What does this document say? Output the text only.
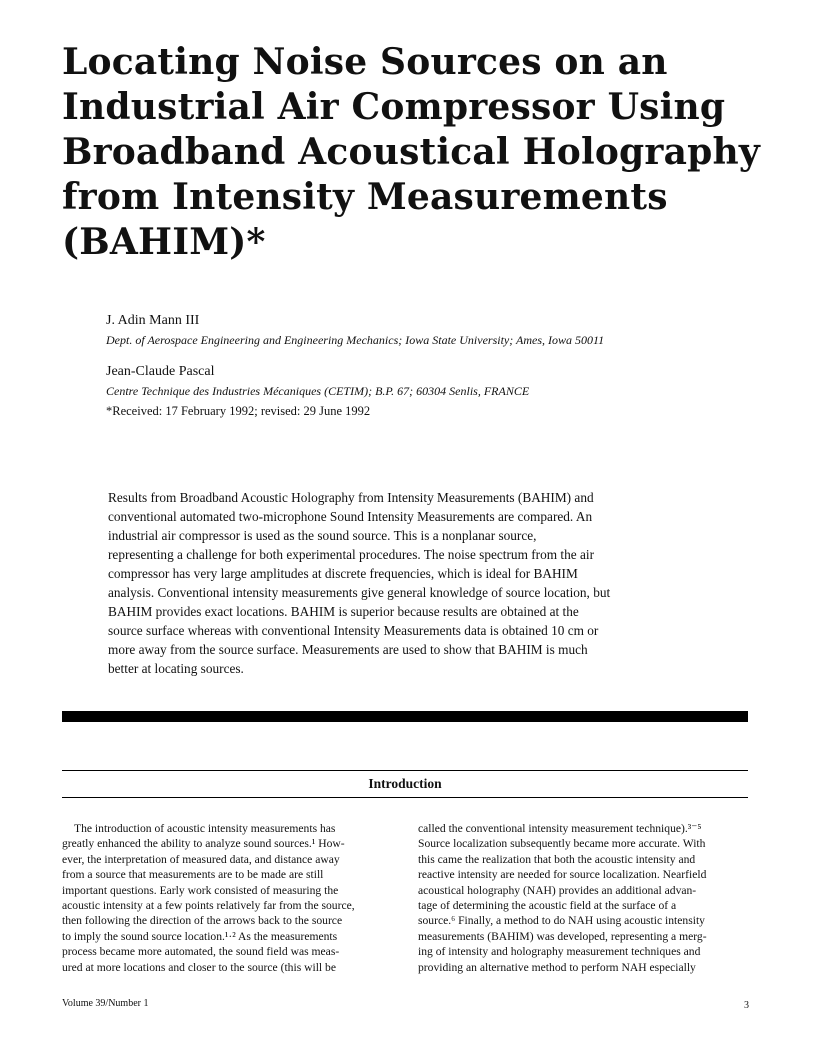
Locating Noise Sources on an
Industrial Air Compressor Using
Broadband Acoustical Holography
from Intensity Measurements
(BAHIM)*
J. Adin Mann III
Dept. of Aerospace Engineering and Engineering Mechanics; Iowa State University; Ames, Iowa 50011
Jean-Claude Pascal
Centre Technique des Industries Mécaniques (CETIM); B.P. 67; 60304 Senlis, FRANCE
*Received: 17 February 1992; revised: 29 June 1992
Results from Broadband Acoustic Holography from Intensity Measurements (BAHIM) and
conventional automated two-microphone Sound Intensity Measurements are compared. An
industrial air compressor is used as the sound source. This is a nonplanar source,
representing a challenge for both experimental procedures. The noise spectrum from the air
compressor has very large amplitudes at discrete frequencies, which is ideal for BAHIM
analysis. Conventional intensity measurements give general knowledge of source location, but
BAHIM provides exact locations. BAHIM is superior because results are obtained at the
source surface whereas with conventional Intensity Measurements data is obtained 10 cm or
more away from the source surface. Measurements are used to show that BAHIM is much
better at locating sources.
Introduction
The introduction of acoustic intensity measurements has
greatly enhanced the ability to analyze sound sources.¹ How-
ever, the interpretation of measured data, and distance away
from a source that measurements are to be made are still
important questions. Early work consisted of measuring the
acoustic intensity at a few points relatively far from the source,
then following the direction of the arrows back to the source
to imply the sound source location.¹·² As the measurements
process became more automated, the sound field was meas-
ured at more locations and closer to the source (this will be
called the conventional intensity measurement technique).³⁻⁵
Source localization subsequently became more accurate. With
this came the realization that both the acoustic intensity and
reactive intensity are needed for source localization. Nearfield
acoustical holography (NAH) provides an additional advan-
tage of determining the acoustic field at the surface of a
source.⁶ Finally, a method to do NAH using acoustic intensity
measurements (BAHIM) was developed, representing a merg-
ing of intensity and holography measurement techniques and
providing an alternative method to perform NAH especially
Volume 39/Number 1	3
